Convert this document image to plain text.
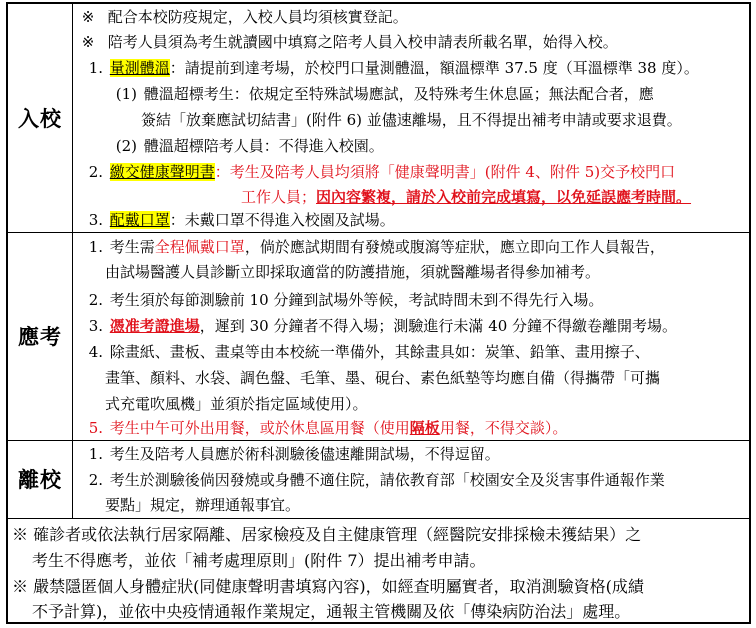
入校
※ 配合本校防疫規定，入校人員均須核實登記。
※ 陪考人員須為考生就讀國中填寫之陪考人員入校申請表所載名單，始得入校。
1. 量測體溫：請提前到達考場，於校門口量測體溫，額溫標準 37.5 度（耳溫標準 38 度）。
(1) 體溫超標考生：依規定至特殊試場應試，及特殊考生休息區；無法配合者，應
簽結「放棄應試切結書」(附件 6) 並儘速離場，且不得提出補考申請或要求退費。
(2) 體溫超標陪考人員：不得進入校園。
2. 繳交健康聲明書：考生及陪考人員均須將「健康聲明書」(附件 4、附件 5)交予校門口
工作人員；因內容繁複，請於入校前完成填寫，以免延誤應考時間。
3. 配戴口罩：未戴口罩不得進入校園及試場。
應考
1. 考生需全程佩戴口罩，倘於應試期間有發燒或腹瀉等症狀，應立即向工作人員報告，
由試場醫護人員診斷立即採取適當的防護措施，須就醫離場者得參加補考。
2. 考生須於每節測驗前 10 分鐘到試場外等候，考試時間未到不得先行入場。
3. 憑准考證進場，遲到 30 分鐘者不得入場；測驗進行未滿 40 分鐘不得繳卷離開考場。
4. 除畫紙、畫板、畫桌等由本校統一準備外，其餘畫具如：炭筆、鉛筆、畫用擦子、
畫筆、顏料、水袋、調色盤、毛筆、墨、硯台、素色紙墊等均應自備（得攜帶「可攜
式充電吹風機」並須於指定區域使用）。
5. 考生中午可外出用餐，或於休息區用餐（使用隔板用餐，不得交談）。
離校
1. 考生及陪考人員應於術科測驗後儘速離開試場，不得逗留。
2. 考生於測驗後倘因發燒或身體不適住院，請依教育部「校園安全及災害事件通報作業
要點」規定，辦理通報事宜。
※ 確診者或依法執行居家隔離、居家檢疫及自主健康管理（經醫院安排採檢未獲結果）之
考生不得應考，並依「補考處理原則」(附件 7）提出補考申請。
※ 嚴禁隱匿個人身體症狀(同健康聲明書填寫內容)，如經查明屬實者，取消測驗資格(成績
不予計算)，並依中央疫情通報作業規定，通報主管機關及依「傳染病防治法」處理。
